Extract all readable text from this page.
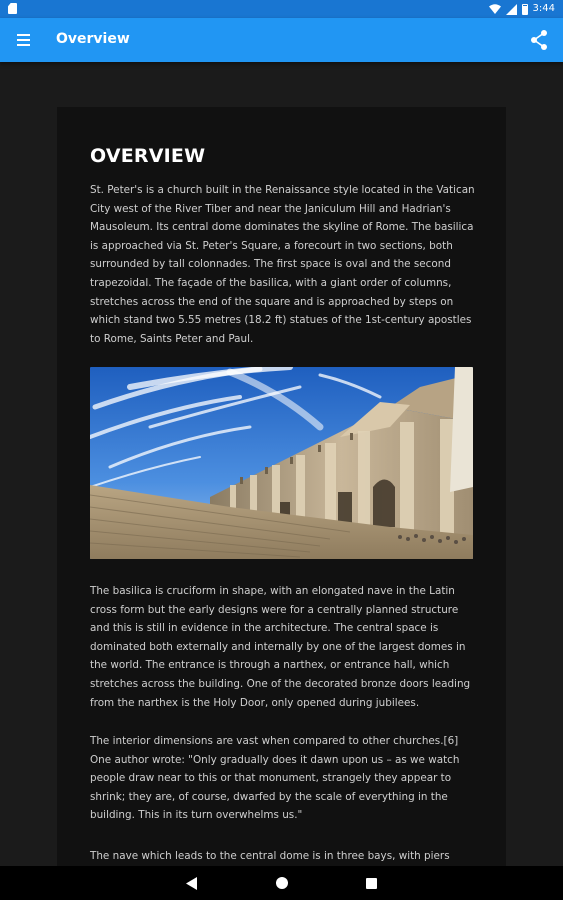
3:44
Overview
OVERVIEW
St. Peter's is a church built in the Renaissance style located in the Vatican City west of the River Tiber and near the Janiculum Hill and Hadrian's Mausoleum. Its central dome dominates the skyline of Rome. The basilica is approached via St. Peter's Square, a forecourt in two sections, both surrounded by tall colonnades. The first space is oval and the second trapezoidal. The façade of the basilica, with a giant order of columns, stretches across the end of the square and is approached by steps on which stand two 5.55 metres (18.2 ft) statues of the 1st-century apostles to Rome, Saints Peter and Paul.
The basilica is cruciform in shape, with an elongated nave in the Latin cross form but the early designs were for a centrally planned structure and this is still in evidence in the architecture. The central space is dominated both externally and internally by one of the largest domes in the world. The entrance is through a narthex, or entrance hall, which stretches across the building. One of the decorated bronze doors leading from the narthex is the Holy Door, only opened during jubilees.
The interior dimensions are vast when compared to other churches.[6] One author wrote: "Only gradually does it dawn upon us – as we watch people draw near to this or that monument, strangely they appear to shrink; they are, of course, dwarfed by the scale of everything in the building. This in its turn overwhelms us."
The nave which leads to the central dome is in three bays, with piers
